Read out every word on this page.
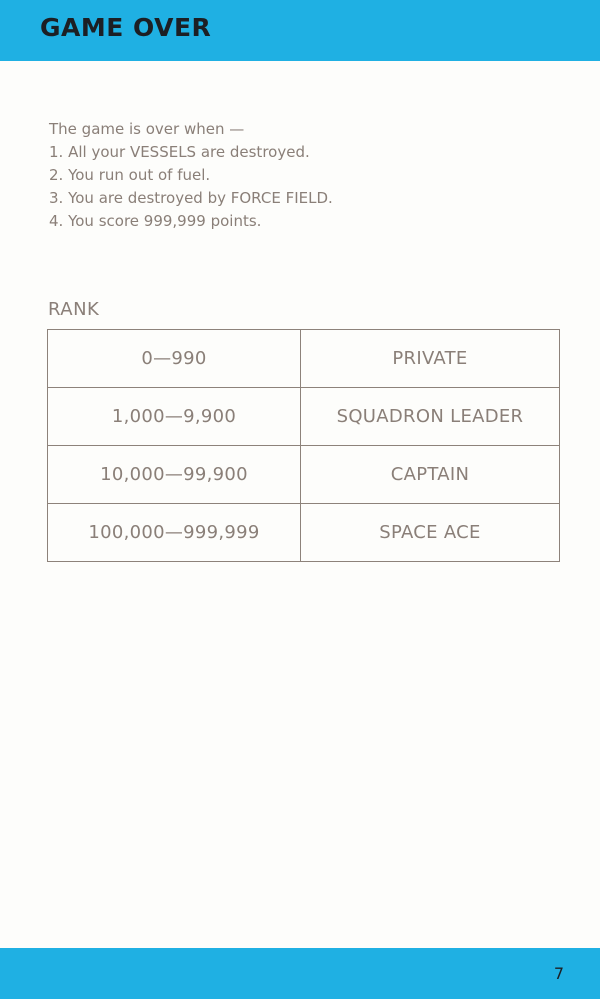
GAME OVER
The game is over when —
1. All your VESSELS are destroyed.
2. You run out of fuel.
3. You are destroyed by FORCE FIELD.
4. You score 999,999 points.
RANK
0—990	PRIVATE
1,000—9,900	SQUADRON LEADER
10,000—99,900	CAPTAIN
100,000—999,999	SPACE ACE
7
